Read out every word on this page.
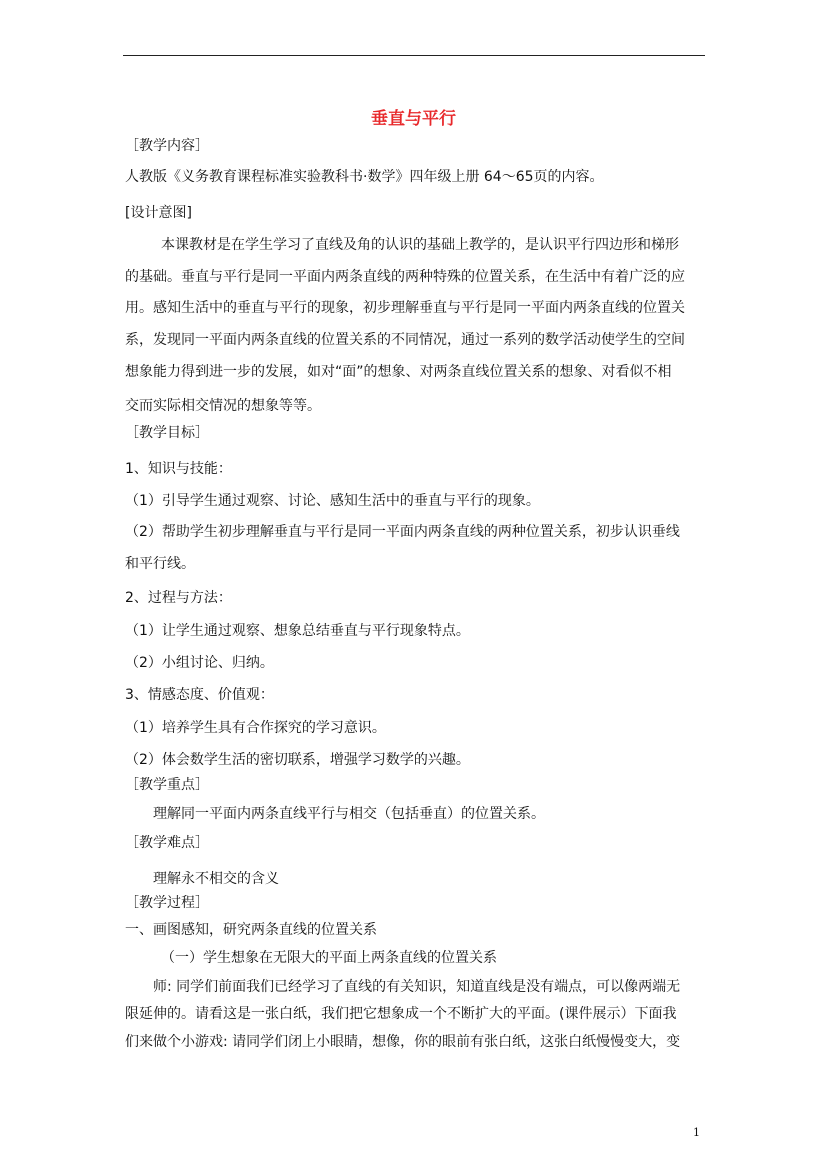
垂直与平行
［教学内容］
人教版《义务教育课程标准实验教科书·数学》四年级上册 64～65页的内容。
[设计意图]
本课教材是在学生学习了直线及角的认识的基础上教学的，是认识平行四边形和梯形
的基础。垂直与平行是同一平面内两条直线的两种特殊的位置关系，在生活中有着广泛的应
用。感知生活中的垂直与平行的现象，初步理解垂直与平行是同一平面内两条直线的位置关
系，发现同一平面内两条直线的位置关系的不同情况，通过一系列的数学活动使学生的空间
想象能力得到进一步的发展，如对“面”的想象、对两条直线位置关系的想象、对看似不相
交而实际相交情况的想象等等。
［教学目标］
1、知识与技能：
（1）引导学生通过观察、讨论、感知生活中的垂直与平行的现象。
（2）帮助学生初步理解垂直与平行是同一平面内两条直线的两种位置关系，初步认识垂线
和平行线。
2、过程与方法：
（1）让学生通过观察、想象总结垂直与平行现象特点。
（2）小组讨论、归纳。
3、情感态度、价值观：
（1）培养学生具有合作探究的学习意识。
（2）体会数学生活的密切联系，增强学习数学的兴趣。
［教学重点］
理解同一平面内两条直线平行与相交（包括垂直）的位置关系。
［教学难点］
理解永不相交的含义
［教学过程］
一、画图感知，研究两条直线的位置关系
（一）学生想象在无限大的平面上两条直线的位置关系
师: 同学们前面我们已经学习了直线的有关知识，知道直线是没有端点，可以像两端无
限延伸的。请看这是一张白纸，我们把它想象成一个不断扩大的平面。(课件展示）下面我
们来做个小游戏: 请同学们闭上小眼睛，想像，你的眼前有张白纸，这张白纸慢慢变大，变
1
